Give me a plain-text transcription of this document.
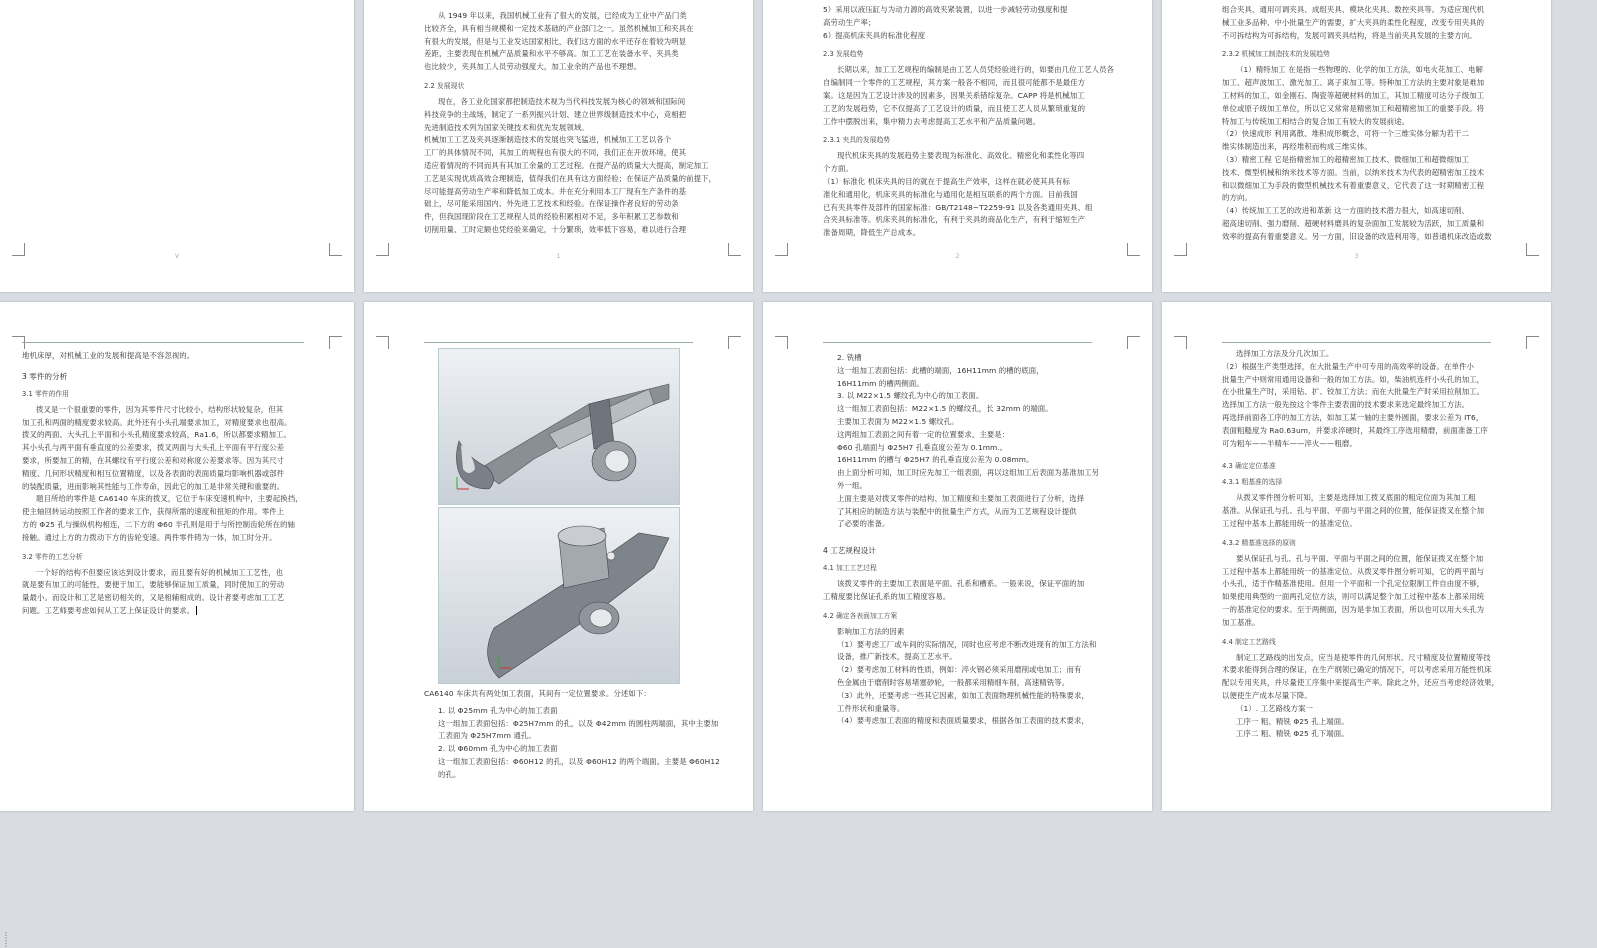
V
从 1949 年以来，我国机械工业有了很大的发展，已经成为工业中产品门类
比较齐全，具有相当规模和一定技术基础的产业部门之一。虽然机械加工和夹具在
有很大的发展，但是与工业发达国家相比，我们这方面的水平还存在着较为明显
差距，主要表现在机械产品质量和水平不够高。加工工艺在装备水平、夹具类
也比较少，夹具加工人员劳动强度大，加工业余的产品也不理想。
2.2 发展现状
现在，各工业化国家都把制造技术视为当代科技发展为核心的领域和国际间
科技竞争的主战场，制定了一系列振兴计划、建立世界级制造技术中心，竞相把
先进制造技术列为国家关键技术和优先发展领域。
机械加工工艺及夹具逐渐制造技术的发展也突飞猛进，机械加工工艺以各个
工厂的具体情况不同，其加工的规程也有很大的不同，我们正在开放环境，使其
适应着情况的不同而具有其加工余量的工艺过程。在提产品的质量大大提高，制定加工
工艺是实现优质高效合理制造，值得我们在具有这方面经验；在保证产品质量的前提下，
尽可能提高劳动生产率和降低加工成本。并在充分利用本工厂现有生产条件的基
础上，尽可能采用国内、外先进工艺技术和经验。在保证操作者良好的劳动条
件，但我国现阶段在工艺规程人员的经验积累相对不足，多年积累工艺参数和
切削用量、工时定额也凭经验来确定，十分繁琐，效率低下容易，难以进行合理
1
5）采用以液压缸与为动力源的高效夹紧装置，以进一步减轻劳动强度和提
高劳动生产率；
6）提高机床夹具的标准化程度
2.3 发展趋势
长期以来，加工工艺规程的编制是由工艺人员凭经验进行的，如要由几位工艺人员各
自编制同一个零件的工艺规程，其方案一般各不相同，而且很可能都不是最佳方
案。这是因为工艺设计涉及的因素多，因果关系错综复杂。CAPP 将是机械加工
工艺的发展趋势，它不仅提高了工艺设计的质量，而且使工艺人员从繁琐重复的
工作中摆脱出来，集中精力去考虑提高工艺水平和产品质量问题。
2.3.1 夹具的发展趋势
现代机床夹具的发展趋势主要表现为标准化、高效化、精密化和柔性化等四
个方面。
（1）标准化 机床夹具的目的就在于提高生产效率，这样在就必使其具有标
准化和通用化，机床夹具的标准化与通用化是相互联系的两个方面。目前我国
已有夹具零件及部件的国家标准：GB/T2148~T2259-91 以及各类通用夹具、组
合夹具标准等。机床夹具的标准化，有利于夹具的商品化生产，有利于缩短生产
准备周期，降低生产总成本。
2
组合夹具、通用可调夹具、成组夹具、模块化夹具、数控夹具等。为适应现代机
械工业多品种、中小批量生产的需要，扩大夹具的柔性化程度，改变专用夹具的
不可拆结构为可拆结构，发展可调夹具结构，将是当前夹具发展的主要方向。
2.3.2 机械加工制造技术的发展趋势
（1）精特加工 在是指一些物理的、化学的加工方法，如电火花加工、电解
加工、超声波加工、激光加工、离子束加工等。特种加工方法的主要对象是难加
工材料的加工，如金刚石、陶瓷等超硬材料的加工，其加工精度可达分子级加工
单位或原子级加工单位，所以它又常常是精密加工和超精密加工的重要手段。将
特加工与传统加工相结合的复合加工有较大的发展前途。
（2）快速成形 利用离散、堆积成形概念，可将一个三维实体分解为若干二
维实体制造出来，再经堆积而构成三维实体。
（3）精密工程 它是指精密加工的超精密加工技术、微细加工和超微细加工
技术、微型机械和纳米技术等方面。当前，以纳米技术为代表的超精密加工技术
和以微细加工为手段的微型机械技术有着重要意义，它代表了这一时期精密工程
的方向。
（4）传统加工工艺的改进和革新 这一方面的技术潜力很大，如高速切削、
超高速切削、强力磨削、超硬材料磨具的复杂面加工发展较为活跃，加工质量和
效率的提高有着重要意义。另一方面，旧设备的改造利用等，如普通机床改造或数
3
地机床厚，对机械工业的发展和提高是不容忽视的。
3 零件的分析
3.1 零件的作用
拨叉是一个很重要的零件，因为其零件尺寸比较小，结构形状较复杂，但其
加工孔和两面的精度要求较高。此外还有小头孔端要求加工，对精度要求也很高。
拨叉的两面、大头孔上平面和小头孔精度要求较高，Ra1.6，所以都要求精加工。
其小头孔与两平面有垂直度的公差要求，拨叉两面与大头孔上平面有平行度公差
要求，所要加工的精，在其螺纹有平行度公差和对称度公差要求等。因为其尺寸
精度、几何形状精度和相互位置精度，以及各表面的表面质量均影响机器或部件
的装配质量，进而影响其性能与工作寿命，因此它的加工是非常关键和重要的。
题目所给的零件是 CA6140 车床的拨叉，它位于车床变速机构中，主要起换挡，
使主轴回转运动按照工作者的要求工作，获得所需的速度和扭矩的作用。零件上
方的 Φ25 孔与操纵机构相连，二下方的 Φ60 半孔则是用于与所控制齿轮所在的轴
接触。通过上方的力拨动下方的齿轮变速。两件零件铸为一体，加工时分开。
3.2 零件的工艺分析
一个好的结构不但要应该达到设计要求，而且要有好的机械加工工艺性，也
就是要有加工的可能性，要便于加工，要能够保证加工质量，同时使加工的劳动
量最小。而设计和工艺是密切相关的，又是相辅相成的。设计者要考虑加工工艺
问题。工艺师要考虑如何从工艺上保证设计的要求。
⋮
⋮
CA6140 车床共有两处加工表面，其间有一定位置要求。分述如下：
1. 以 Φ25mm 孔为中心的加工表面
这一组加工表面包括：Φ25H7mm 的孔，以及 Φ42mm 的圆柱两端面，其中主要加
工表面为 Φ25H7mm 通孔。
2. 以 Φ60mm 孔为中心的加工表面
这一组加工表面包括：Φ60H12 的孔，以及 Φ60H12 的两个端面。主要是 Φ60H12
的孔。
2. 铣槽
这一组加工表面包括：此槽的端面，16H11mm 的槽的底面，
16H11mm 的槽两侧面。
3. 以 M22×1.5 螺纹孔为中心的加工表面。
这一组加工表面包括：M22×1.5 的螺纹孔，长 32mm 的端面。
主要加工表面为 M22×1.5 螺纹孔。
这两组加工表面之间有着一定的位置要求，主要是：
Φ60 孔端面与 Φ25H7 孔垂直度公差为 0.1mm.。
16H11mm 的槽与 Φ25H7 的孔垂直度公差为 0.08mm。
由上面分析可知，加工时应先加工一组表面，再以这组加工后表面为基准加工另
外一组。
上面主要是对拨叉零件的结构、加工精度和主要加工表面进行了分析，选择
了其相应的制造方法与装配中的批量生产方式，从而为工艺规程设计提供
了必要的准备。
4 工艺规程设计
4.1 加工工艺过程
该拨叉零件的主要加工表面是平面、孔系和槽系。一般来说，保证平面的加
工精度要比保证孔系的加工精度容易。
4.2 确定各表面加工方案
影响加工方法的因素
（1）要考虑工厂或车间的实际情况，同时也应考虑不断改进现有的加工方法和
设备，推广新技术，提高工艺水平。
（2）要考虑加工材料的性质，例如：淬火钢必须采用磨削或电加工；而有
色金属由于磨削时容易堵塞砂轮，一般都采用精细车削，高速精铣等。
（3）此外，还要考虑一些其它因素，如加工表面物理机械性能的特殊要求，
工件形状和重量等。
（4）要考虑加工表面的精度和表面质量要求，根据各加工表面的技术要求，
选择加工方法及分几次加工。
（2）根据生产类型选择，在大批量生产中可专用的高效率的设备。在单件小
批量生产中则常用通用设备和一般的加工方法。如，柴油机连杆小头孔的加工，
在小批量生产时，采用钻、扩、铰加工方法；而在大批量生产时采用拉削加工。
选择加工方法一般先按这个零件主要表面的技术要求来选定最终加工方法。
再选择前面各工序的加工方法，如加工某一轴的主要外圆面，要求公差为 IT6，
表面粗糙度为 Ra0.63um，并要求淬硬时，其最终工序选用精磨，前面准备工序
可为粗车——半精车——淬火——粗磨。
4.3 确定定位基准
4.3.1 粗基准的选择
从拨叉零件图分析可知，主要是选择加工拨叉底面的粗定位面为其加工粗
基准。从保证孔与孔、孔与平面、平面与平面之间的位置，能保证拨叉在整个加
工过程中基本上都能用统一的基准定位。
4.3.2 精基准选择的原则
要从保证孔与孔、孔与平面、平面与平面之间的位置，能保证拨叉在整个加
工过程中基本上都能用统一的基准定位。从拨叉零件图分析可知，它的两平面与
小头孔，适于作精基准使用。但用一个平面和一个孔定位限制工件自由度不够，
如果使用典型的一面两孔定位方法，则可以满足整个加工过程中基本上都采用统
一的基准定位的要求。至于两侧面，因为是非加工表面，所以也可以用大头孔为
加工基准。
4.4 制定工艺路线
制定工艺路线的出发点，应当是使零件的几何形状、尺寸精度及位置精度等技
术要求能得到合理的保证，在生产纲领已确定的情况下，可以考虑采用万能性机床
配以专用夹具，并尽量使工序集中来提高生产率。除此之外，还应当考虑经济效果，
以便使生产成本尽量下降。
（1）. 工艺路线方案一
工序一 粗、精铣 Φ25 孔上端面。
工序二 粗、精铣 Φ25 孔下端面。
